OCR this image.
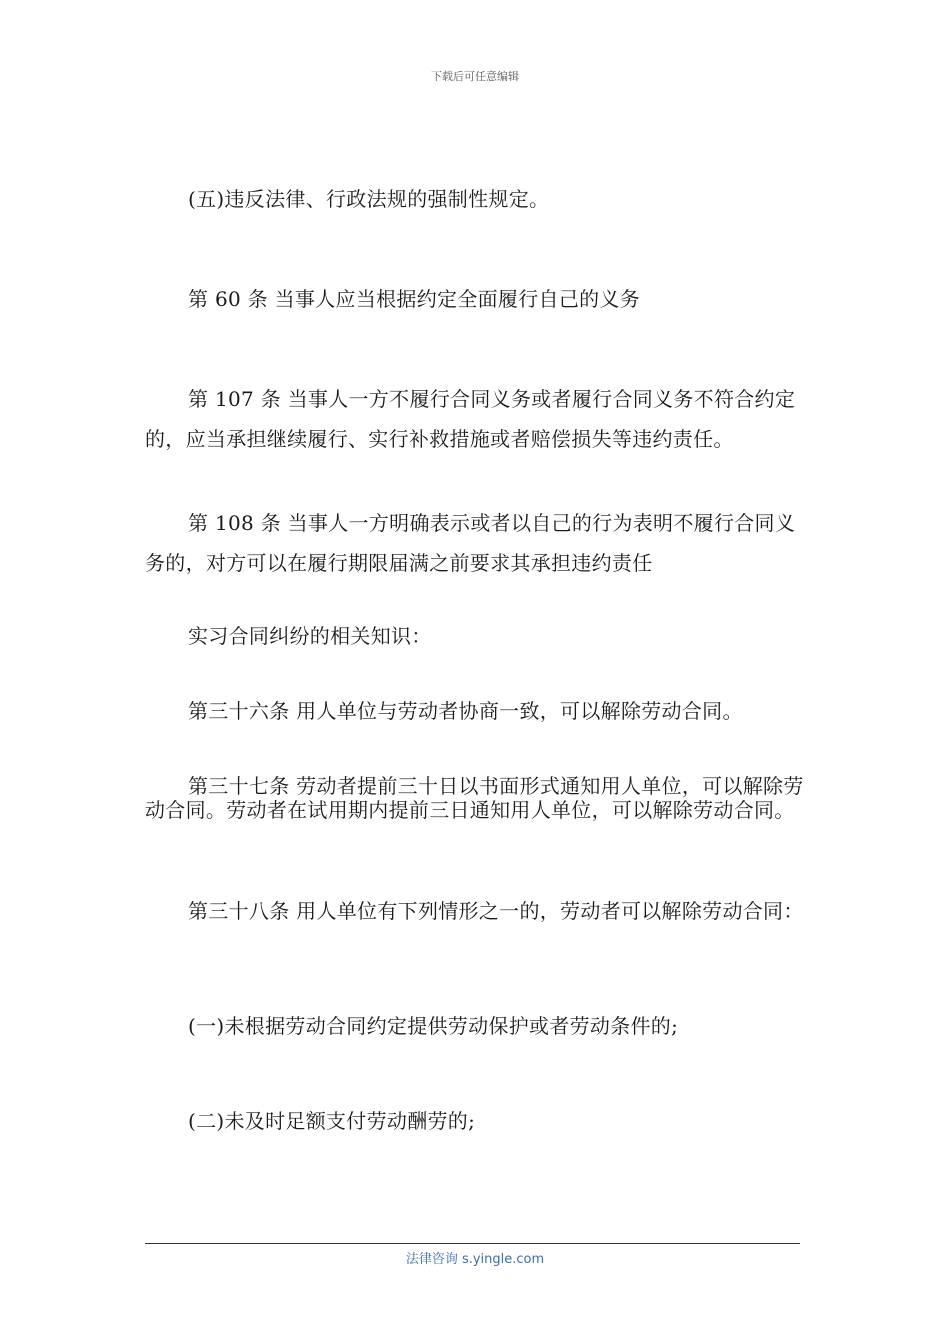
下载后可任意编辑
(五)违反法律、行政法规的强制性规定。
第 60 条 当事人应当根据约定全面履行自己的义务
第 107 条 当事人一方不履行合同义务或者履行合同义务不符合约定的，应当承担继续履行、实行补救措施或者赔偿损失等违约责任。
第 108 条 当事人一方明确表示或者以自己的行为表明不履行合同义务的，对方可以在履行期限届满之前要求其承担违约责任
实习合同纠纷的相关知识：
第三十六条 用人单位与劳动者协商一致，可以解除劳动合同。
第三十七条 劳动者提前三十日以书面形式通知用人单位，可以解除劳动合同。劳动者在试用期内提前三日通知用人单位，可以解除劳动合同。
第三十八条 用人单位有下列情形之一的，劳动者可以解除劳动合同：
(一)未根据劳动合同约定提供劳动保护或者劳动条件的;
(二)未及时足额支付劳动酬劳的;
法律咨询 s.yingle.com
